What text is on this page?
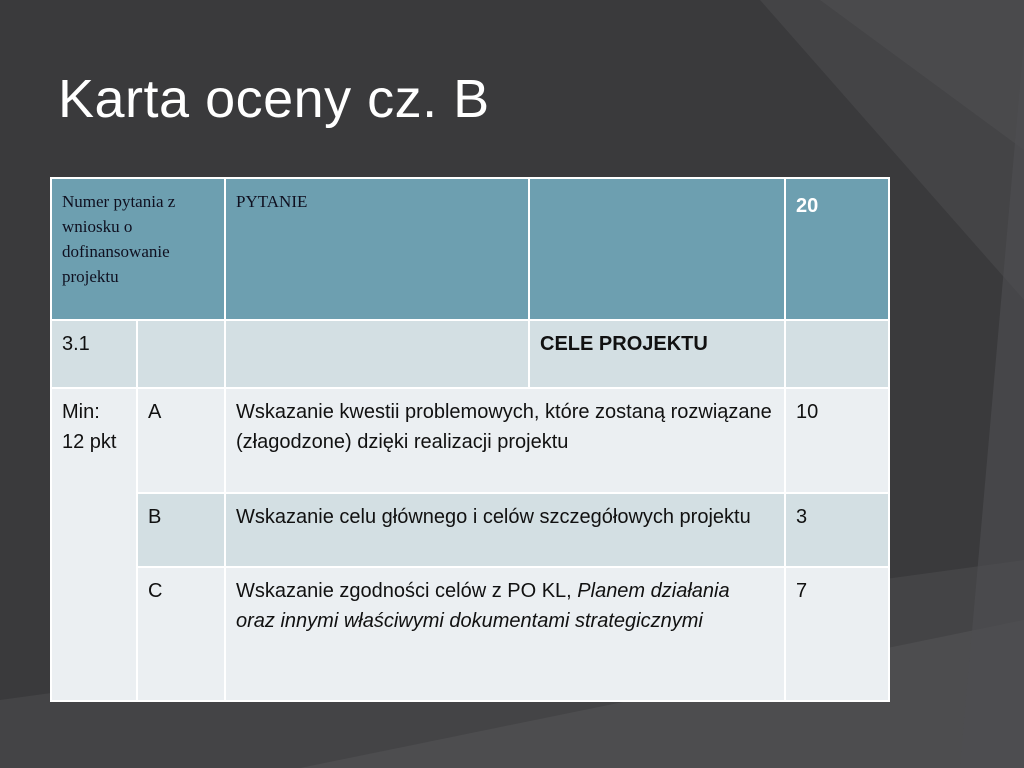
Karta oceny cz. B
Numer pytania z wniosku o dofinansowanie projektu		PYTANIE		20
3.1			CELE PROJEKTU	
Min: 12 pkt	A	Wskazanie kwestii problemowych, które zostaną rozwiązane (złagodzone) dzięki realizacji projektu		10
	B	Wskazanie celu głównego i celów szczegółowych projektu		3
	C	Wskazanie zgodności celów z PO KL, Planem działania oraz innymi właściwymi dokumentami strategicznymi		7
